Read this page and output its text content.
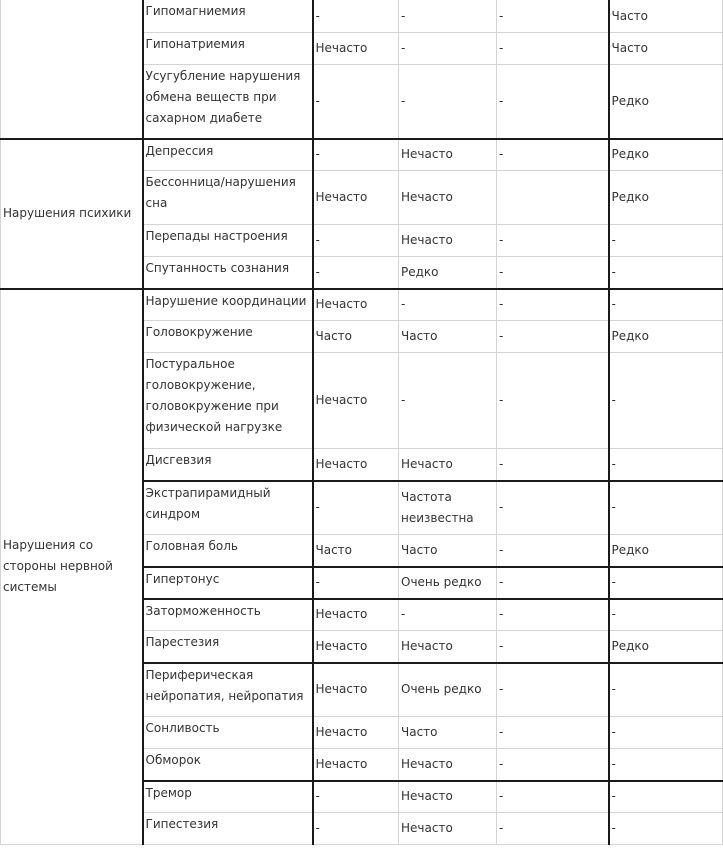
	Гипомагниемия	-	-	-	Часто
	Гипонатриемия	Нечасто	-	-	Часто
	Усугубление нарушения обмена веществ при сахарном диабете	-	-	-	Редко
Нарушения психики	Депрессия	-	Нечасто	-	Редко
	Бессонница/нарушения сна	Нечасто	Нечасто		Редко
	Перепады настроения	-	Нечасто	-	-
	Спутанность сознания	-	Редко	-	-
Нарушения со стороны нервной системы	Нарушение координации	Нечасто	-	-	-
	Головокружение	Часто	Часто	-	Редко
	Постуральное головокружение, головокружение при физической нагрузке	Нечасто	-	-	-
	Дисгевзия	Нечасто	Нечасто	-	-
	Экстрапирамидный синдром	-	Частота неизвестна	-	-
	Головная боль	Часто	Часто	-	Редко
	Гипертонус	-	Очень редко	-	-
	Заторможенность	Нечасто	-	-	-
	Парестезия	Нечасто	Нечасто	-	Редко
	Периферическая нейропатия, нейропатия	Нечасто	Очень редко	-	-
	Сонливость	Нечасто	Часто	-	-
	Обморок	Нечасто	Нечасто	-	-
	Тремор	-	Нечасто	-	-
	Гипестезия	-	Нечасто	-	-
